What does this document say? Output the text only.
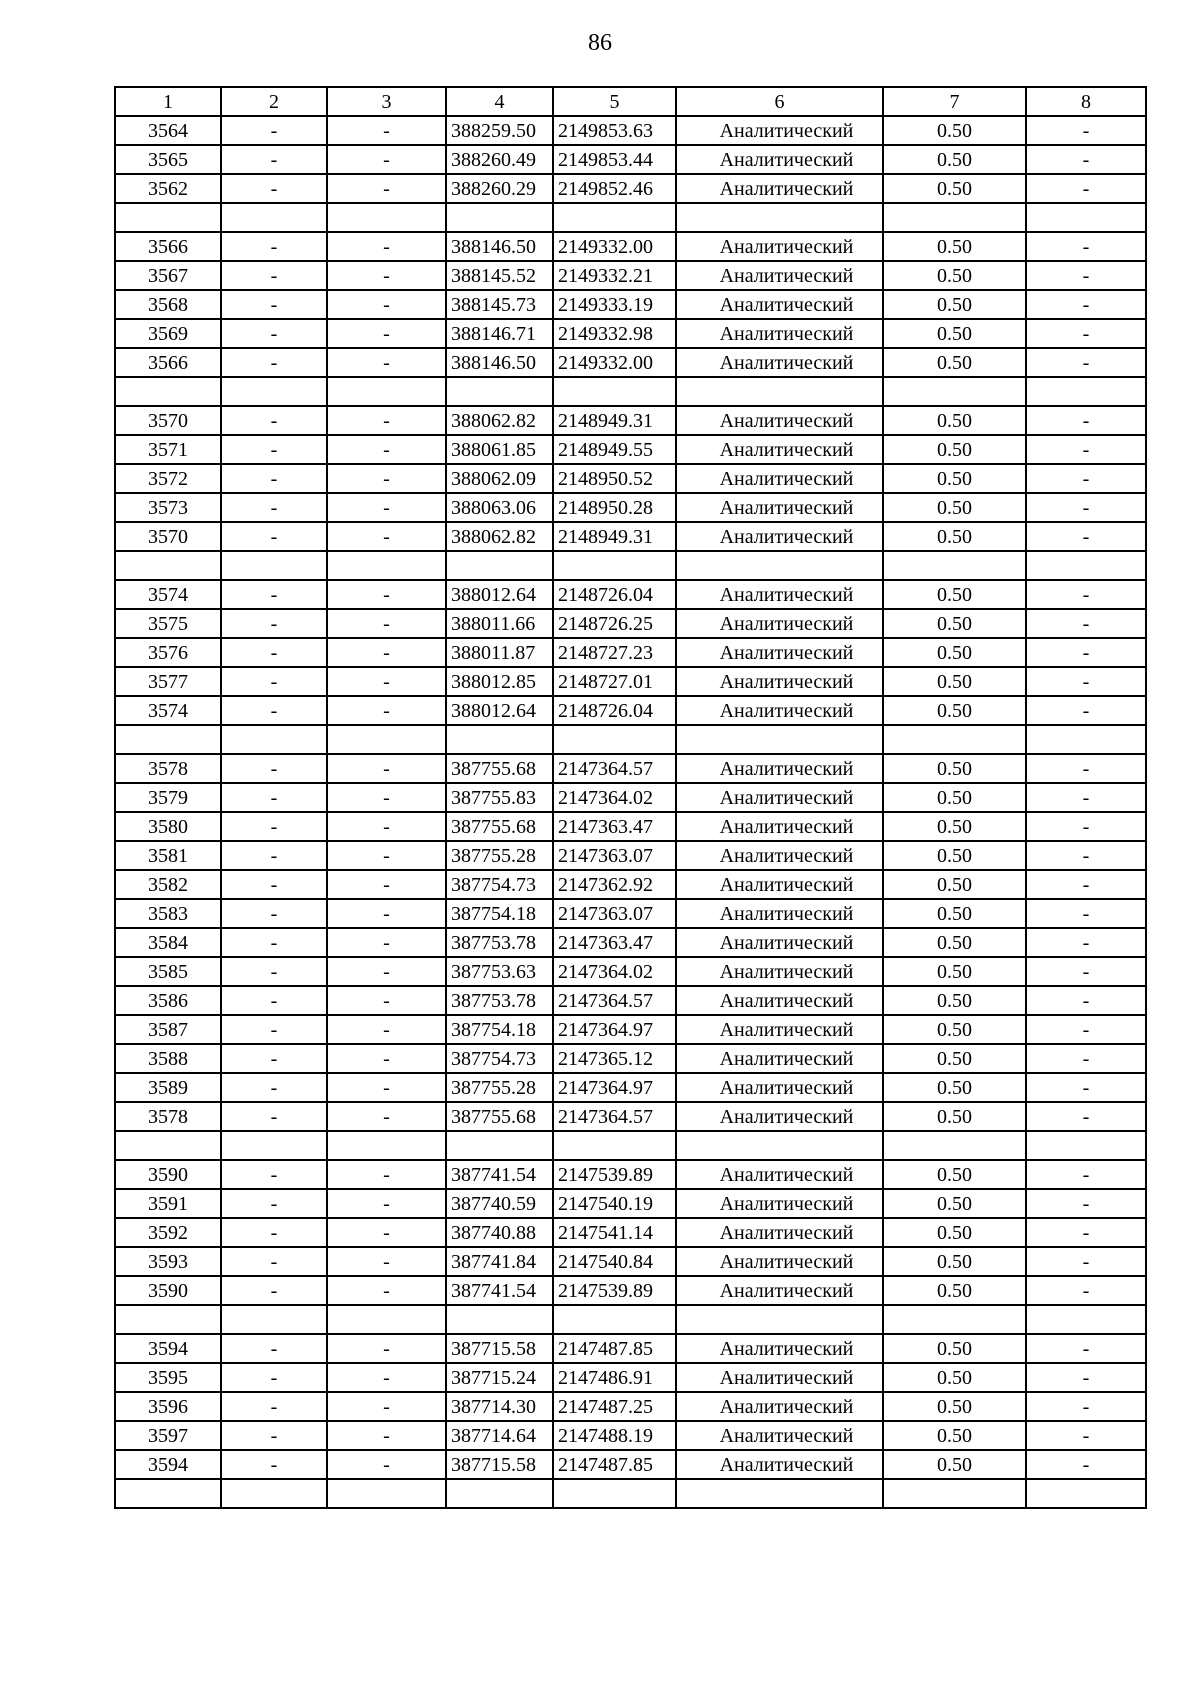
86
1	2	3	4	5	6	7	8
3564	-	-	388259.50	2149853.63	Аналитический	0.50	-
3565	-	-	388260.49	2149853.44	Аналитический	0.50	-
3562	-	-	388260.29	2149852.46	Аналитический	0.50	-

3566	-	-	388146.50	2149332.00	Аналитический	0.50	-
3567	-	-	388145.52	2149332.21	Аналитический	0.50	-
3568	-	-	388145.73	2149333.19	Аналитический	0.50	-
3569	-	-	388146.71	2149332.98	Аналитический	0.50	-
3566	-	-	388146.50	2149332.00	Аналитический	0.50	-

3570	-	-	388062.82	2148949.31	Аналитический	0.50	-
3571	-	-	388061.85	2148949.55	Аналитический	0.50	-
3572	-	-	388062.09	2148950.52	Аналитический	0.50	-
3573	-	-	388063.06	2148950.28	Аналитический	0.50	-
3570	-	-	388062.82	2148949.31	Аналитический	0.50	-

3574	-	-	388012.64	2148726.04	Аналитический	0.50	-
3575	-	-	388011.66	2148726.25	Аналитический	0.50	-
3576	-	-	388011.87	2148727.23	Аналитический	0.50	-
3577	-	-	388012.85	2148727.01	Аналитический	0.50	-
3574	-	-	388012.64	2148726.04	Аналитический	0.50	-

3578	-	-	387755.68	2147364.57	Аналитический	0.50	-
3579	-	-	387755.83	2147364.02	Аналитический	0.50	-
3580	-	-	387755.68	2147363.47	Аналитический	0.50	-
3581	-	-	387755.28	2147363.07	Аналитический	0.50	-
3582	-	-	387754.73	2147362.92	Аналитический	0.50	-
3583	-	-	387754.18	2147363.07	Аналитический	0.50	-
3584	-	-	387753.78	2147363.47	Аналитический	0.50	-
3585	-	-	387753.63	2147364.02	Аналитический	0.50	-
3586	-	-	387753.78	2147364.57	Аналитический	0.50	-
3587	-	-	387754.18	2147364.97	Аналитический	0.50	-
3588	-	-	387754.73	2147365.12	Аналитический	0.50	-
3589	-	-	387755.28	2147364.97	Аналитический	0.50	-
3578	-	-	387755.68	2147364.57	Аналитический	0.50	-

3590	-	-	387741.54	2147539.89	Аналитический	0.50	-
3591	-	-	387740.59	2147540.19	Аналитический	0.50	-
3592	-	-	387740.88	2147541.14	Аналитический	0.50	-
3593	-	-	387741.84	2147540.84	Аналитический	0.50	-
3590	-	-	387741.54	2147539.89	Аналитический	0.50	-

3594	-	-	387715.58	2147487.85	Аналитический	0.50	-
3595	-	-	387715.24	2147486.91	Аналитический	0.50	-
3596	-	-	387714.30	2147487.25	Аналитический	0.50	-
3597	-	-	387714.64	2147488.19	Аналитический	0.50	-
3594	-	-	387715.58	2147487.85	Аналитический	0.50	-
